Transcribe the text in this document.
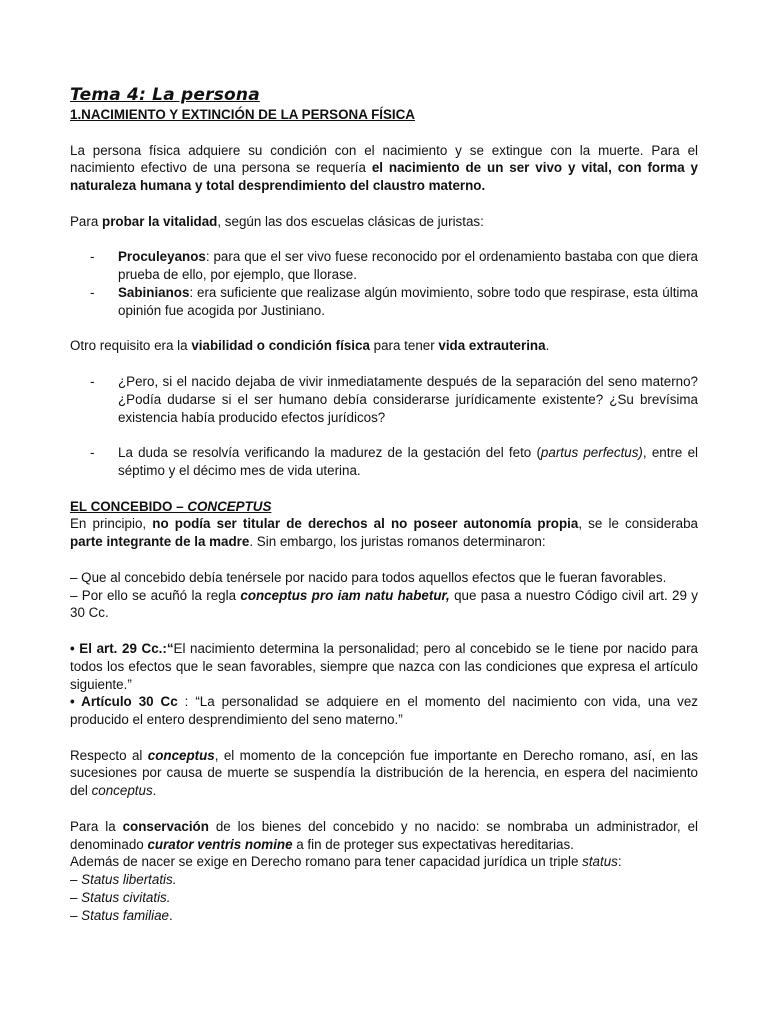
Tema 4: La persona

1.NACIMIENTO Y EXTINCIÓN DE LA PERSONA FÍSICA

La persona física adquiere su condición con el nacimiento y se extingue con la muerte. Para el nacimiento efectivo de una persona se requería el nacimiento de un ser vivo y vital, con forma y naturaleza humana y total desprendimiento del claustro materno.

Para probar la vitalidad, según las dos escuelas clásicas de juristas:

- Proculeyanos: para que el ser vivo fuese reconocido por el ordenamiento bastaba con que diera prueba de ello, por ejemplo, que llorase.
- Sabinianos: era suficiente que realizase algún movimiento, sobre todo que respirase, esta última opinión fue acogida por Justiniano.

Otro requisito era la viabilidad o condición física para tener vida extrauterina.

- ¿Pero, si el nacido dejaba de vivir inmediatamente después de la separación del seno materno? ¿Podía dudarse si el ser humano debía considerarse jurídicamente existente? ¿Su brevísima existencia había producido efectos jurídicos?
- La duda se resolvía verificando la madurez de la gestación del feto (partus perfectus), entre el séptimo y el décimo mes de vida uterina.

EL CONCEBIDO – CONCEPTUS

En principio, no podía ser titular de derechos al no poseer autonomía propia, se le consideraba parte integrante de la madre. Sin embargo, los juristas romanos determinaron:

– Que al concebido debía tenérsele por nacido para todos aquellos efectos que le fueran favorables.

– Por ello se acuñó la regla conceptus pro iam natu habetur, que pasa a nuestro Código civil art. 29 y 30 Cc.

• El art. 29 Cc.:“El nacimiento determina la personalidad; pero al concebido se le tiene por nacido para todos los efectos que le sean favorables, siempre que nazca con las condiciones que expresa el artículo siguiente.”

• Artículo 30 Cc : “La personalidad se adquiere en el momento del nacimiento con vida, una vez producido el entero desprendimiento del seno materno.”

Respecto al conceptus, el momento de la concepción fue importante en Derecho romano, así, en las sucesiones por causa de muerte se suspendía la distribución de la herencia, en espera del nacimiento del conceptus.

Para la conservación de los bienes del concebido y no nacido: se nombraba un administrador, el denominado curator ventris nomine a fin de proteger sus expectativas hereditarias.

Además de nacer se exige en Derecho romano para tener capacidad jurídica un triple status:

– Status libertatis.

– Status civitatis.

– Status familiae.
